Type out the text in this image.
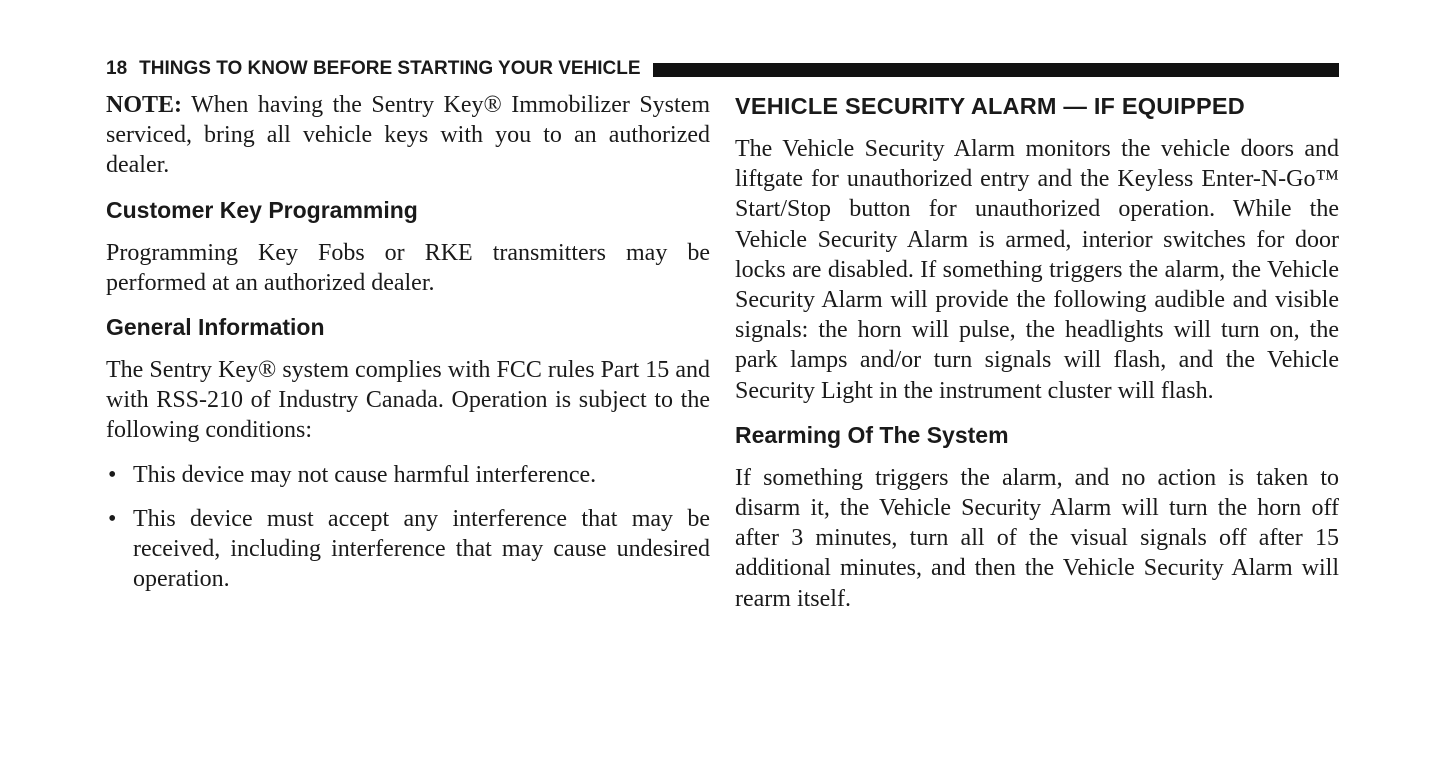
18 THINGS TO KNOW BEFORE STARTING YOUR VEHICLE

NOTE: When having the Sentry Key® Immobilizer System serviced, bring all vehicle keys with you to an authorized dealer.

Customer Key Programming

Programming Key Fobs or RKE transmitters may be performed at an authorized dealer.

General Information

The Sentry Key® system complies with FCC rules Part 15 and with RSS-210 of Industry Canada. Operation is subject to the following conditions:

• This device may not cause harmful interference.
• This device must accept any interference that may be received, including interference that may cause undesired operation.
VEHICLE SECURITY ALARM — IF EQUIPPED

The Vehicle Security Alarm monitors the vehicle doors and liftgate for unauthorized entry and the Keyless Enter-N-Go™ Start/Stop button for unauthorized operation. While the Vehicle Security Alarm is armed, interior switches for door locks are disabled. If something triggers the alarm, the Vehicle Security Alarm will provide the following audible and visible signals: the horn will pulse, the headlights will turn on, the park lamps and/or turn signals will flash, and the Vehicle Security Light in the instrument cluster will flash.

Rearming Of The System

If something triggers the alarm, and no action is taken to disarm it, the Vehicle Security Alarm will turn the horn off after 3 minutes, turn all of the visual signals off after 15 additional minutes, and then the Vehicle Security Alarm will rearm itself.
